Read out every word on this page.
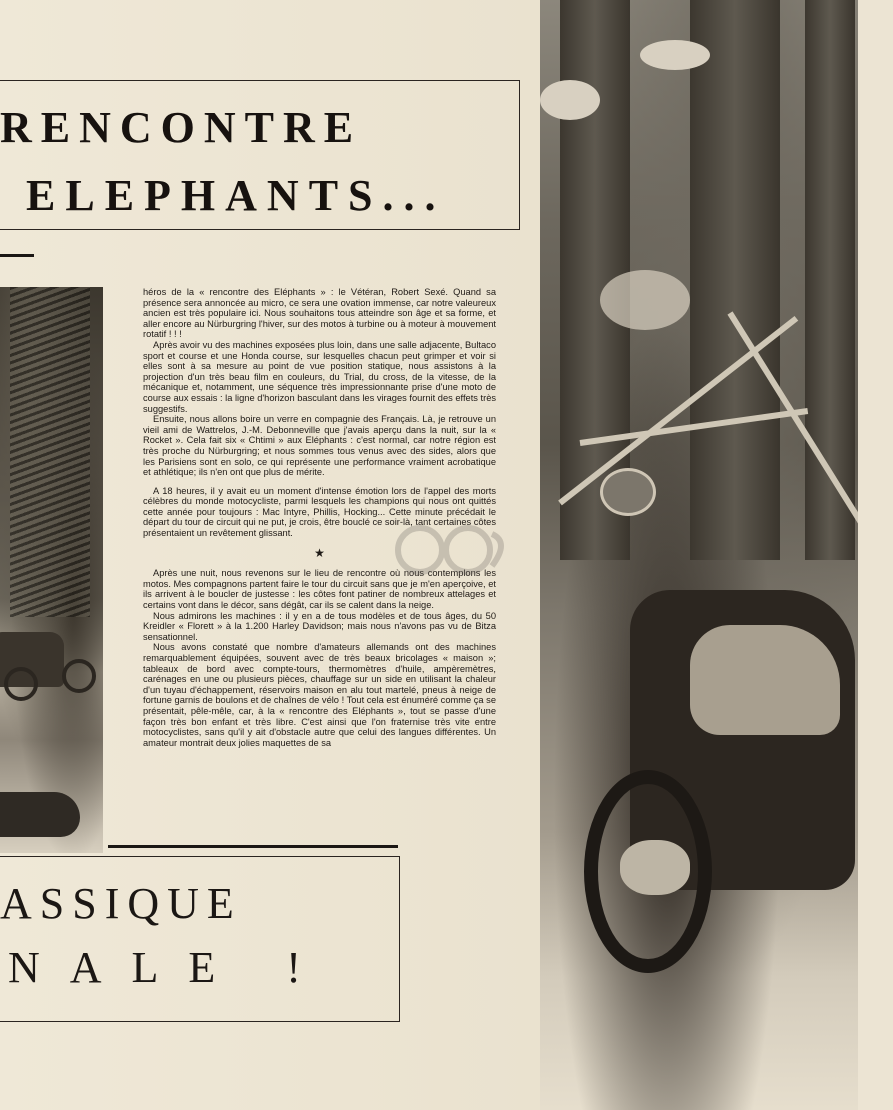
RENCONTRE
ELEPHANTS...

héros de la « rencontre des Eléphants » : le Vétéran, Robert Sexé. Quand sa présence sera annoncée au micro, ce sera une ovation immense, car notre valeureux ancien est très populaire ici. Nous souhaitons tous atteindre son âge et sa forme, et aller encore au Nürburgring l'hiver, sur des motos à turbine ou à moteur à mouvement rotatif ! ! !

Après avoir vu des machines exposées plus loin, dans une salle adjacente, Bultaco sport et course et une Honda course, sur lesquelles chacun peut grimper et voir si elles sont à sa mesure au point de vue position statique, nous assistons à la projection d'un très beau film en couleurs, du Trial, du cross, de la vitesse, de la mécanique et, notamment, une séquence très impressionnante prise d'une moto de course aux essais : la ligne d'horizon basculant dans les virages fournit des effets très suggestifs.

Ensuite, nous allons boire un verre en compagnie des Français. Là, je retrouve un vieil ami de Wattrelos, J.-M. Debonneville que j'avais aperçu dans la nuit, sur la « Rocket ». Cela fait six « Chtimi » aux Eléphants : c'est normal, car notre région est très proche du Nürburgring; et nous sommes tous venus avec des sides, alors que les Parisiens sont en solo, ce qui représente une performance vraiment acrobatique et athlétique; ils n'en ont que plus de mérite.

A 18 heures, il y avait eu un moment d'intense émotion lors de l'appel des morts célèbres du monde motocycliste, parmi lesquels les champions qui nous ont quittés cette année pour toujours : Mac Intyre, Phillis, Hocking... Cette minute précédait le départ du tour de circuit qui ne put, je crois, être bouclé ce soir-là, tant certaines côtes présentaient un revêtement glissant.

★

Après une nuit, nous revenons sur le lieu de rencontre où nous contemplons les motos. Mes compagnons partent faire le tour du circuit sans que je m'en aperçoive, et ils arrivent à le boucler de justesse : les côtes font patiner de nombreux attelages et certains vont dans le décor, sans dégât, car ils se calent dans la neige.

Nous admirons les machines : il y en a de tous modèles et de tous âges, du 50 Kreidler « Florett » à la 1.200 Harley Davidson; mais nous n'avons pas vu de Bitza sensationnel.

Nous avons constaté que nombre d'amateurs allemands ont des machines remarquablement équipées, souvent avec de très beaux bricolages « maison »; tableaux de bord avec compte-tours, thermomètres d'huile, ampèremètres, carénages en une ou plusieurs pièces, chauffage sur un side en utilisant la chaleur d'un tuyau d'échappement, réservoirs maison en alu tout martelé, pneus à neige de fortune garnis de boulons et de chaînes de vélo ! Tout cela est énuméré comme ça se présentait, pêle-mêle, car, à la « rencontre des Eléphants », tout se passe d'une façon très bon enfant et très libre. C'est ainsi que l'on fraternise très vite entre motocyclistes, sans qu'il y ait d'obstacle autre que celui des langues différentes. Un amateur montrait deux jolies maquettes de sa

ASSIQUE
NALE !
